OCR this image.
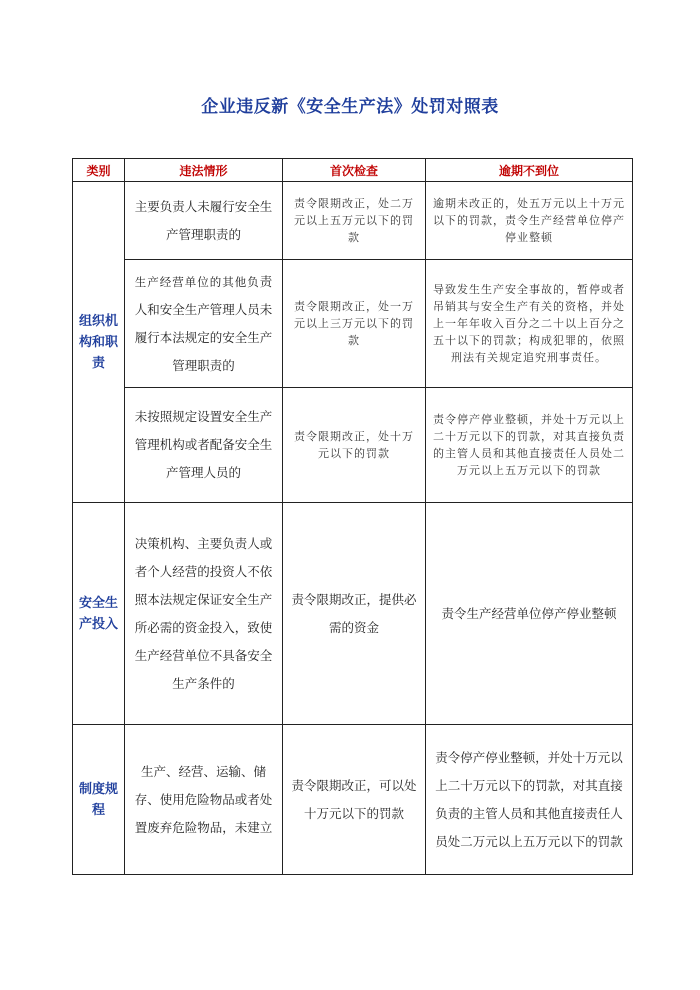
企业违反新《安全生产法》处罚对照表
类别	违法情形	首次检查	逾期不到位
组织机构和职责	主要负责人未履行安全生产管理职责的	责令限期改正，处二万元以上五万元以下的罚款	逾期未改正的，处五万元以上十万元以下的罚款，责令生产经营单位停产停业整顿
	生产经营单位的其他负责人和安全生产管理人员未履行本法规定的安全生产管理职责的	责令限期改正，处一万元以上三万元以下的罚款	导致发生生产安全事故的，暂停或者吊销其与安全生产有关的资格，并处上一年年收入百分之二十以上百分之五十以下的罚款；构成犯罪的，依照刑法有关规定追究刑事责任。
	未按照规定设置安全生产管理机构或者配备安全生产管理人员的	责令限期改正，处十万元以下的罚款	责令停产停业整顿，并处十万元以上二十万元以下的罚款，对其直接负责的主管人员和其他直接责任人员处二万元以上五万元以下的罚款
安全生产投入	决策机构、主要负责人或者个人经营的投资人不依照本法规定保证安全生产所必需的资金投入，致使生产经营单位不具备安全生产条件的	责令限期改正，提供必需的资金	责令生产经营单位停产停业整顿
制度规程	生产、经营、运输、储存、使用危险物品或者处置废弃危险物品，未建立	责令限期改正，可以处十万元以下的罚款	责令停产停业整顿，并处十万元以上二十万元以下的罚款，对其直接负责的主管人员和其他直接责任人员处二万元以上五万元以下的罚款
